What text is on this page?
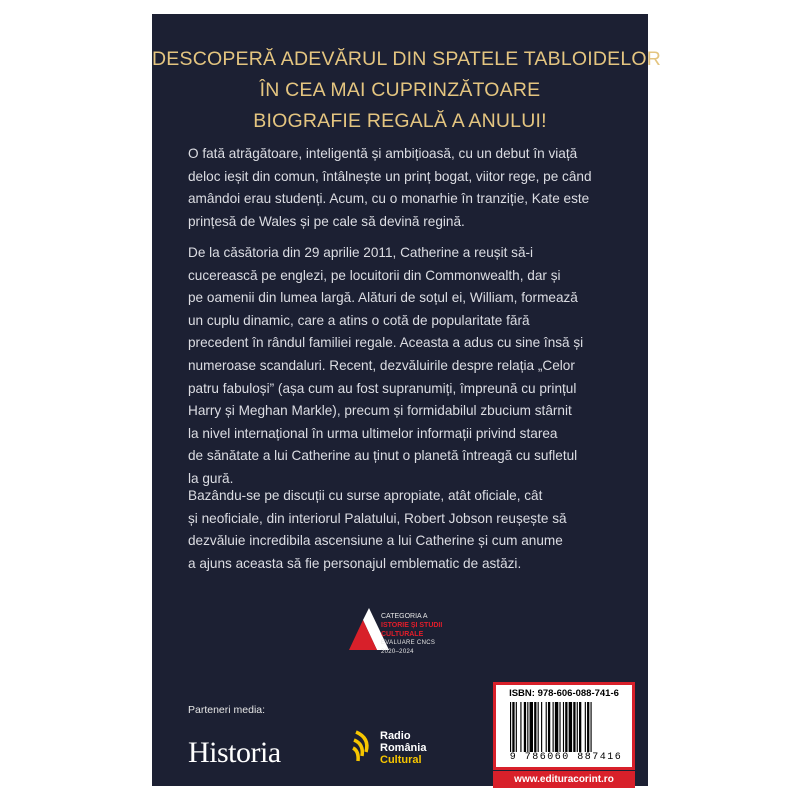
DESCOPERĂ ADEVĂRUL DIN SPATELE TABLOIDELOR
ÎN CEA MAI CUPRINZĂTOARE
BIOGRAFIE REGALĂ A ANULUI!
O fată atrăgătoare, inteligentă și ambițioasă, cu un debut în viață
deloc ieșit din comun, întâlnește un prinț bogat, viitor rege, pe când
amândoi erau studenți. Acum, cu o monarhie în tranziție, Kate este
prințesă de Wales și pe cale să devină regină.
De la căsătoria din 29 aprilie 2011, Catherine a reușit să-i
cucerească pe englezi, pe locuitorii din Commonwealth, dar și
pe oamenii din lumea largă. Alături de soțul ei, William, formează
un cuplu dinamic, care a atins o cotă de popularitate fără
precedent în rândul familiei regale. Aceasta a adus cu sine însă și
numeroase scandaluri. Recent, dezvăluirile despre relația „Celor
patru fabuloși” (așa cum au fost supranumiți, împreună cu prințul
Harry și Meghan Markle), precum și formidabilul zbucium stârnit
la nivel internațional în urma ultimelor informații privind starea
de sănătate a lui Catherine au ținut o planetă întreagă cu sufletul
la gură.
Bazându-se pe discuții cu surse apropiate, atât oficiale, cât
și neoficiale, din interiorul Palatului, Robert Jobson reușește să
dezvăluie incredibila ascensiune a lui Catherine și cum anume
a ajuns aceasta să fie personajul emblematic de astăzi.
CATEGORIA A
ISTORIE ȘI STUDII
CULTURALE
EVALUARE CNCS
2020–2024
Parteneri media:
Historia	Radio
România
Cultural
ISBN: 978-606-088-741-6
9 786060 887416
www.edituracorint.ro
